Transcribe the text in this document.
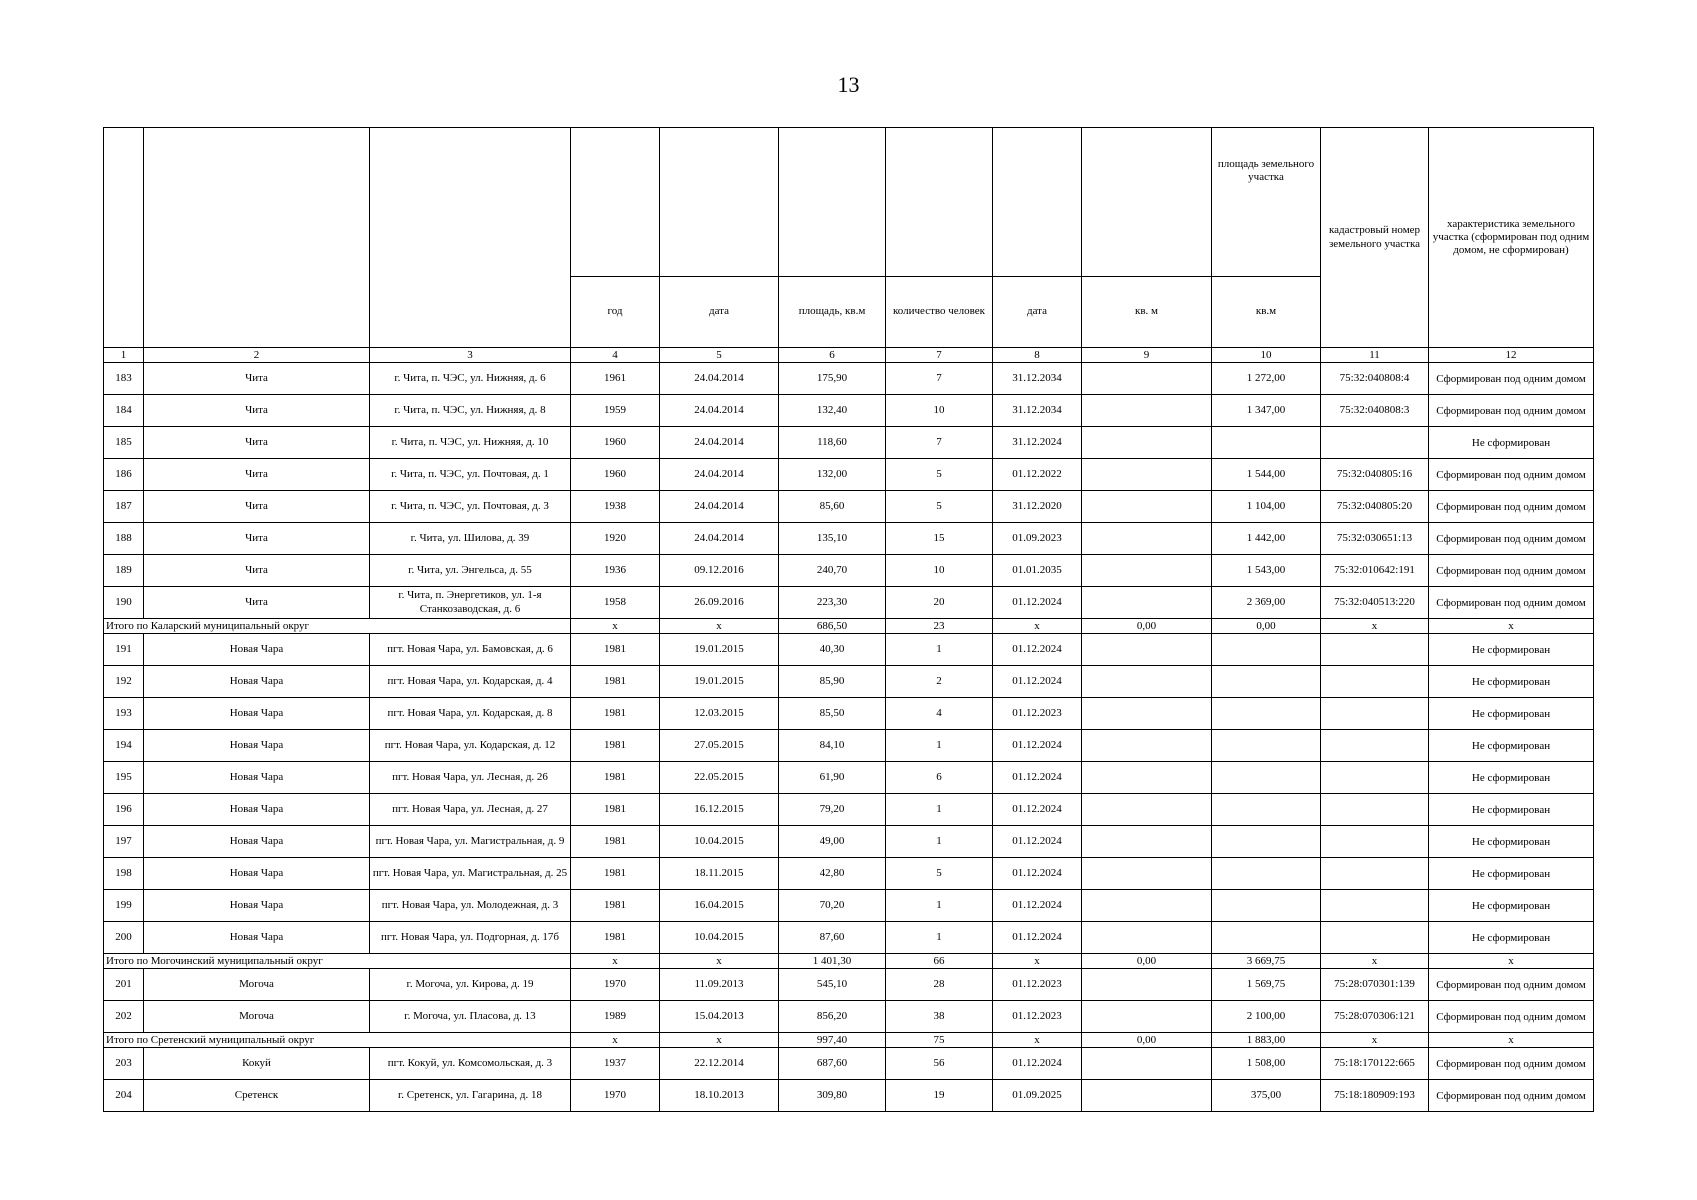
13
									площадь земельного участка	кадастровый номер земельного участка	характеристика земельного участка (сформирован под одним домом, не сформирован)
			год	дата	площадь, кв.м	количество человек	дата	кв. м	кв.м		
1	2	3	4	5	6	7	8	9	10	11	12
183	Чита	г. Чита, п. ЧЭС, ул. Нижняя, д. 6	1961	24.04.2014	175,90	7	31.12.2034		1 272,00	75:32:040808:4	Сформирован под одним домом
184	Чита	г. Чита, п. ЧЭС, ул. Нижняя, д. 8	1959	24.04.2014	132,40	10	31.12.2034		1 347,00	75:32:040808:3	Сформирован под одним домом
185	Чита	г. Чита, п. ЧЭС, ул. Нижняя, д. 10	1960	24.04.2014	118,60	7	31.12.2024				Не сформирован
186	Чита	г. Чита, п. ЧЭС, ул. Почтовая, д. 1	1960	24.04.2014	132,00	5	01.12.2022		1 544,00	75:32:040805:16	Сформирован под одним домом
187	Чита	г. Чита, п. ЧЭС, ул. Почтовая, д. 3	1938	24.04.2014	85,60	5	31.12.2020		1 104,00	75:32:040805:20	Сформирован под одним домом
188	Чита	г. Чита, ул. Шилова, д. 39	1920	24.04.2014	135,10	15	01.09.2023		1 442,00	75:32:030651:13	Сформирован под одним домом
189	Чита	г. Чита, ул. Энгельса, д. 55	1936	09.12.2016	240,70	10	01.01.2035		1 543,00	75:32:010642:191	Сформирован под одним домом
190	Чита	г. Чита, п. Энергетиков, ул. 1-я Станкозаводская, д. 6	1958	26.09.2016	223,30	20	01.12.2024		2 369,00	75:32:040513:220	Сформирован под одним домом
Итого по Каларский муниципальный округ			x	x	686,50	23	x	0,00	0,00	x	x
191	Новая Чара	пгт. Новая Чара, ул. Бамовская, д. 6	1981	19.01.2015	40,30	1	01.12.2024				Не сформирован
192	Новая Чара	пгт. Новая Чара, ул. Кодарская, д. 4	1981	19.01.2015	85,90	2	01.12.2024				Не сформирован
193	Новая Чара	пгт. Новая Чара, ул. Кодарская, д. 8	1981	12.03.2015	85,50	4	01.12.2023				Не сформирован
194	Новая Чара	пгт. Новая Чара, ул. Кодарская, д. 12	1981	27.05.2015	84,10	1	01.12.2024				Не сформирован
195	Новая Чара	пгт. Новая Чара, ул. Лесная, д. 26	1981	22.05.2015	61,90	6	01.12.2024				Не сформирован
196	Новая Чара	пгт. Новая Чара, ул. Лесная, д. 27	1981	16.12.2015	79,20	1	01.12.2024				Не сформирован
197	Новая Чара	пгт. Новая Чара, ул. Магистральная, д. 9	1981	10.04.2015	49,00	1	01.12.2024				Не сформирован
198	Новая Чара	пгт. Новая Чара, ул. Магистральная, д. 25	1981	18.11.2015	42,80	5	01.12.2024				Не сформирован
199	Новая Чара	пгт. Новая Чара, ул. Молодежная, д. 3	1981	16.04.2015	70,20	1	01.12.2024				Не сформирован
200	Новая Чара	пгт. Новая Чара, ул. Подгорная, д. 17б	1981	10.04.2015	87,60	1	01.12.2024				Не сформирован
Итого по Могочинский муниципальный округ			x	x	1 401,30	66	x	0,00	3 669,75	x	x
201	Могоча	г. Могоча, ул. Кирова, д. 19	1970	11.09.2013	545,10	28	01.12.2023		1 569,75	75:28:070301:139	Сформирован под одним домом
202	Могоча	г. Могоча, ул. Пласова, д. 13	1989	15.04.2013	856,20	38	01.12.2023		2 100,00	75:28:070306:121	Сформирован под одним домом
Итого по Сретенский муниципальный округ			x	x	997,40	75	x	0,00	1 883,00	x	x
203	Кокуй	пгт. Кокуй, ул. Комсомольская, д. 3	1937	22.12.2014	687,60	56	01.12.2024		1 508,00	75:18:170122:665	Сформирован под одним домом
204	Сретенск	г. Сретенск, ул. Гагарина, д. 18	1970	18.10.2013	309,80	19	01.09.2025		375,00	75:18:180909:193	Сформирован под одним домом
